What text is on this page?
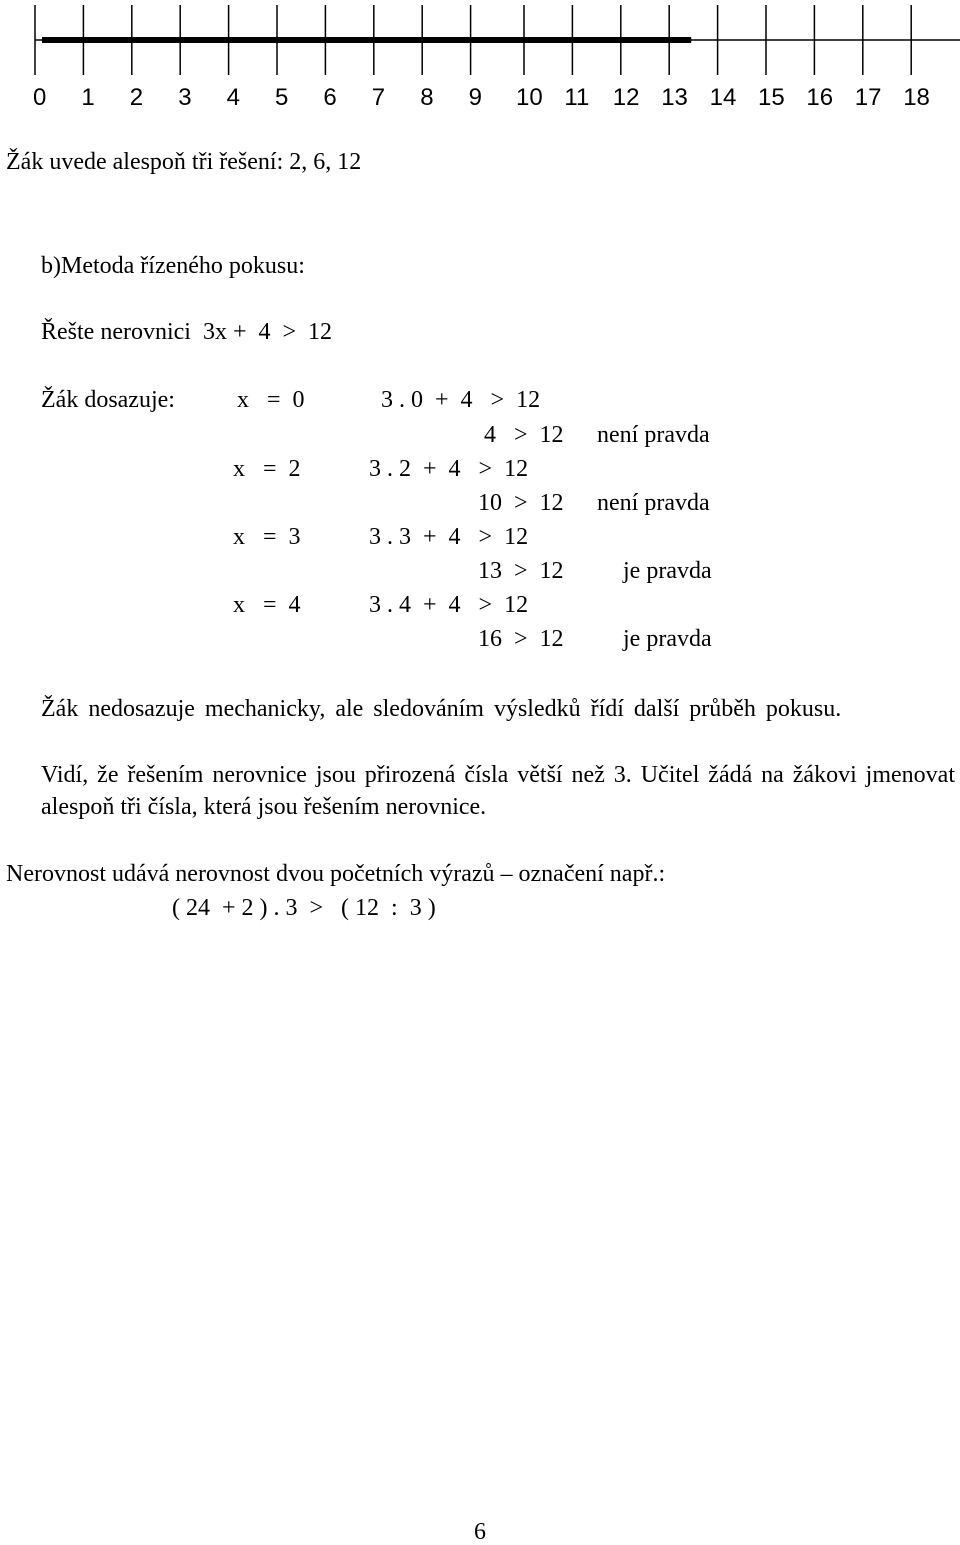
0 1 2 3 4 5 6 7 8 9 10 11 12 13 14 15 16 17 18
Žák uvede alespoň tři řešení: 2, 6, 12
b)Metoda řízeného pokusu:
Řešte nerovnici  3x +  4  >  12
Žák dosazuje:	x   =  0	3 . 0  +  4   >  12
4   >  12 není pravda
x   =  2	3 . 2  +  4   >  12
10  >  12 není pravda
x   =  3	3 . 3  +  4   >  12
13  >  12 je pravda
x   =  4	3 . 4  +  4   >  12
16  >  12 je pravda
Žák nedosazuje mechanicky, ale sledováním výsledků řídí další průběh pokusu.
Vidí, že řešením nerovnice jsou přirozená čísla větší než 3. Učitel žádá na žákovi jmenovat alespoň tři čísla, která jsou řešením nerovnice.
Nerovnost udává nerovnost dvou početních výrazů – označení např.:
( 24  + 2 ) . 3  >   ( 12  :  3 )
6
